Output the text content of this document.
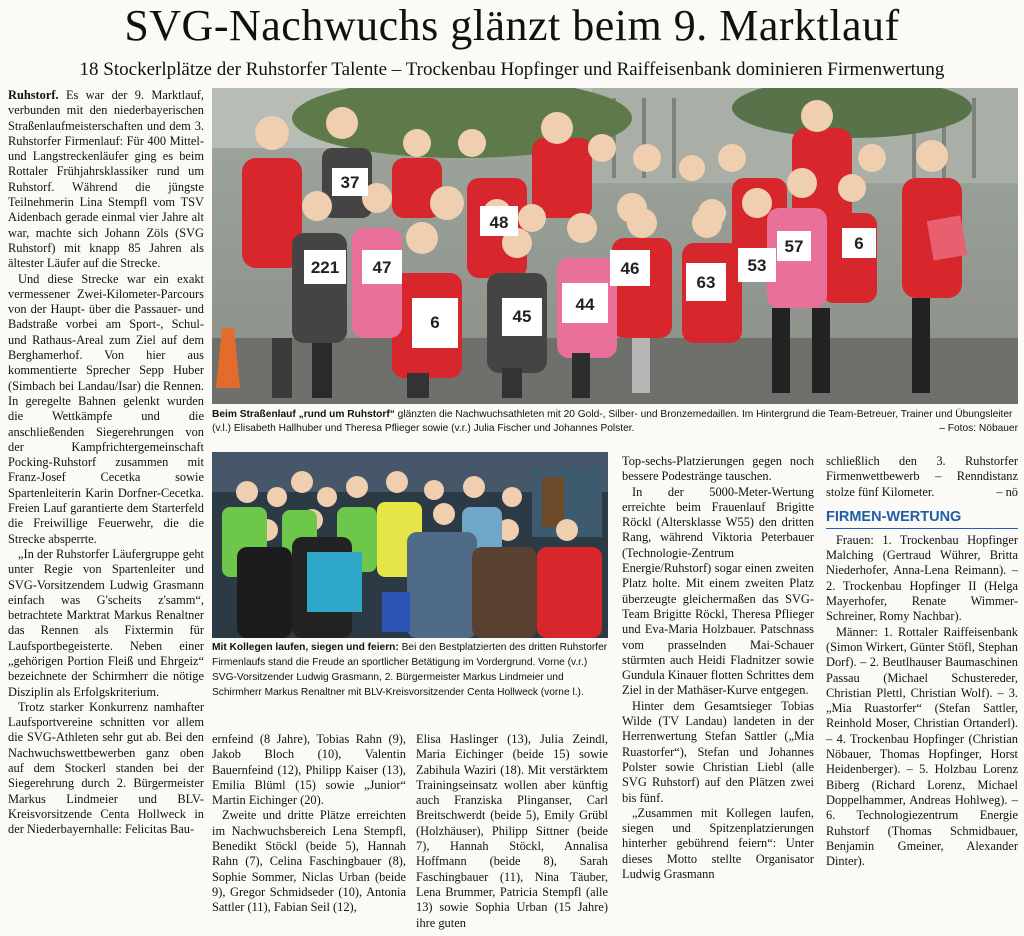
SVG-Nachwuchs glänzt beim 9. Marktlauf

18 Stockerlplätze der Ruhstorfer Talente – Trockenbau Hopfinger und Raiffeisenbank dominieren Firmenwertung

Ruhstorf. Es war der 9. Marktlauf, verbunden mit den niederbayerischen Straßenlaufmeisterschaften und dem 3. Ruhstorfer Firmenlauf: Für 400 Mittel- und Langstreckenläufer ging es beim Rottaler Frühjahrsklassiker rund um Ruhstorf. Während die jüngste Teilnehmerin Lina Stempfl vom TSV Aidenbach gerade einmal vier Jahre alt war, machte sich Johann Zöls (SVG Ruhstorf) mit knapp 85 Jahren als ältester Läufer auf die Strecke.

Und diese Strecke war ein exakt vermessener Zwei-Kilometer-Parcours von der Haupt- über die Passauer- und Badstraße vorbei am Sport-, Schul- und Rathaus-Areal zum Ziel auf dem Berghamerhof. Von hier aus kommentierte Sprecher Sepp Huber (Simbach bei Landau/Isar) die Rennen. In geregelte Bahnen gelenkt wurden die Wettkämpfe und die anschließenden Siegerehrungen von der Kampfrichtergemeinschaft Pocking-Ruhstorf zusammen mit Franz-Josef Cecetka sowie Spartenleiterin Karin Dorfner-Cecetka. Freien Lauf garantierte dem Starterfeld die Freiwillige Feuerwehr, die die Strecke absperrte.

„In der Ruhstorfer Läufergruppe geht unter Regie von Spartenleiter und SVG-Vorsitzendem Ludwig Grasmann einfach was G'scheits z'samm“, betrachtete Marktrat Markus Renaltner das Rennen als Fixtermin für Laufsportbegeisterte. Neben einer „gehörigen Portion Fleiß und Ehrgeiz“ bezeichnete der Schirmherr die nötige Disziplin als Erfolgskriterium.

Trotz starker Konkurrenz namhafter Laufsportvereine schnitten vor allem die SVG-Athleten sehr gut ab. Bei den Nachwuchswettbewerben ganz oben auf dem Stockerl standen bei der Siegerehrung durch 2. Bürgermeister Markus Lindmeier und BLV-Kreisvorsitzende Centa Hollweck in der Niederbayernhalle: Felicitas Bau-

37
221 47
48
6	45
44
46
63
53
6
57
Beim Straßenlauf „rund um Ruhstorf“ glänzten die Nachwuchsathleten mit 20 Gold-, Silber- und Bronzemedaillen. Im Hintergrund die Team-Betreuer, Trainer und Übungsleiter (v.l.) Elisabeth Hallhuber und Theresa Pflieger sowie (v.r.) Julia Fischer und Johannes Polster.	– Fotos: Nöbauer
Mit Kollegen laufen, siegen und feiern: Bei den Bestplatzierten des dritten Ruhstorfer Firmenlaufs stand die Freude an sportlicher Betätigung im Vordergrund. Vorne (v.r.) SVG-Vorsitzender Ludwig Grasmann, 2. Bürgermeister Markus Lindmeier und Schirmherr Markus Renaltner mit BLV-Kreisvorsitzender Centa Hollweck (vorne l.).

ernfeind (8 Jahre), Tobias Rahn (9), Jakob Bloch (10), Valentin Bauernfeind (12), Philipp Kaiser (13), Emilia Blüml (15) sowie „Junior“ Martin Eichinger (20).

Zweite und dritte Plätze erreichten im Nachwuchsbereich Lena Stempfl, Benedikt Stöckl (beide 5), Hannah Rahn (7), Celina Faschingbauer (8), Sophie Sommer, Niclas Urban (beide 9), Gregor Schmidseder (10), Antonia Sattler (11), Fabian Seil (12),

Elisa Haslinger (13), Julia Zeindl, Maria Eichinger (beide 15) sowie Zabihula Waziri (18). Mit verstärktem Trainingseinsatz wollen aber künftig auch Franziska Plinganser, Carl Breitschwerdt (beide 5), Emily Grübl (Holzhäuser), Philipp Sittner (beide 7), Hannah Stöckl, Annalisa Hoffmann (beide 8), Sarah Faschingbauer (11), Nina Täuber, Lena Brummer, Patricia Stempfl (alle 13) sowie Sophia Urban (15 Jahre) ihre guten

Top-sechs-Platzierungen gegen noch bessere Podestränge tauschen.

In der 5000-Meter-Wertung erreichte beim Frauenlauf Brigitte Röckl (Altersklasse W55) den dritten Rang, während Viktoria Peterbauer (Technologie-Zentrum Energie/Ruhstorf) sogar einen zweiten Platz holte. Mit einem zweiten Platz überzeugte gleichermaßen das SVG-Team Brigitte Röckl, Theresa Pflieger und Eva-Maria Holzbauer. Patschnass vom prasselnden Mai-Schauer stürmten auch Heidi Fladnitzer sowie Gundula Kinauer flotten Schrittes dem Ziel in der Mathäser-Kurve entgegen.

Hinter dem Gesamtsieger Tobias Wilde (TV Landau) landeten in der Herrenwertung Stefan Sattler („Mia Ruastorfer“), Stefan und Johannes Polster sowie Christian Liebl (alle SVG Ruhstorf) auf den Plätzen zwei bis fünf.

„Zusammen mit Kollegen laufen, siegen und Spitzenplatzierungen hinterher gebührend feiern“: Unter dieses Motto stellte Organisator Ludwig Grasmann

schließlich den 3. Ruhstorfer Firmenwettbewerb – Renndistanz stolze fünf Kilometer.	– nö

FIRMEN-WERTUNG

Frauen: 1. Trockenbau Hopfinger Malching (Gertraud Wührer, Britta Niederhofer, Anna-Lena Reimann). – 2. Trockenbau Hopfinger II (Helga Mayerhofer, Renate Wimmer-Schreiner, Romy Nachbar).

Männer: 1. Rottaler Raiffeisenbank (Simon Wirkert, Günter Stöfl, Stephan Dorf). – 2. Beutlhauser Baumaschinen Passau (Michael Schustereder, Christian Plettl, Christian Wolf). – 3. „Mia Ruastorfer“ (Stefan Sattler, Reinhold Moser, Christian Ortanderl). – 4. Trockenbau Hopfinger (Christian Nöbauer, Thomas Hopfinger, Horst Heidenberger). – 5. Holzbau Lorenz Biberg (Richard Lorenz, Michael Doppelhammer, Andreas Hohlweg). – 6. Technologiezentrum Energie Ruhstorf (Thomas Schmidbauer, Benjamin Gmeiner, Alexander Dinter).
